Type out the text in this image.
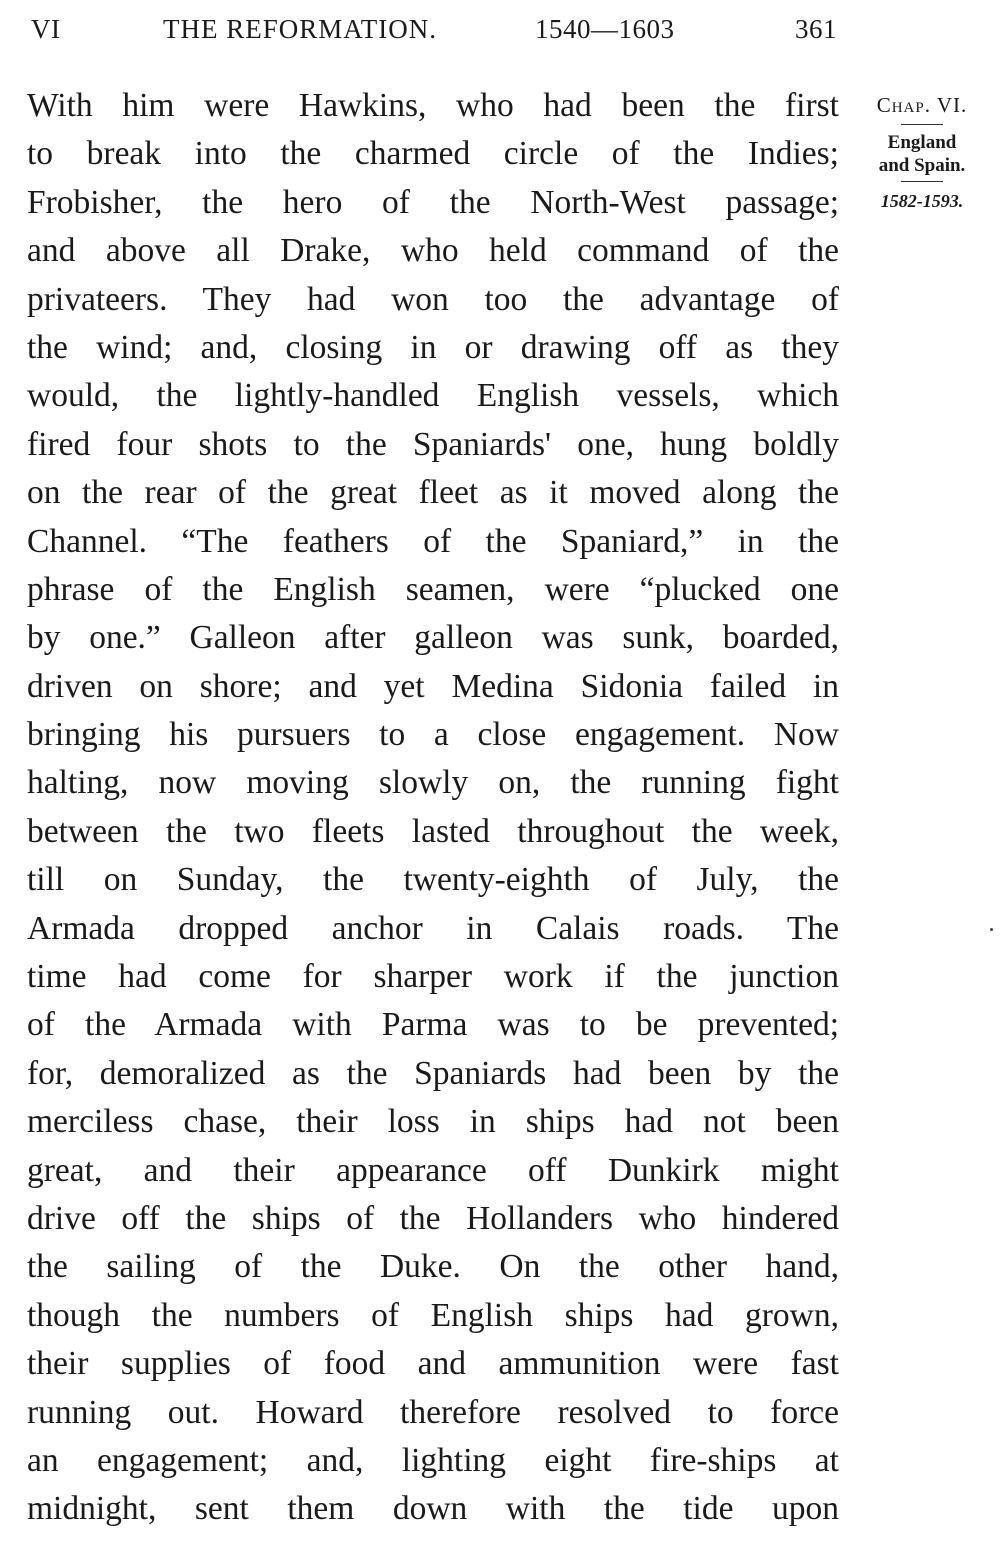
VI	THE REFORMATION.	1540—1603	361
With him were Hawkins, who had been the first
to break into the charmed circle of the Indies;
Frobisher, the hero of the North-West passage;
and above all Drake, who held command of the
privateers. They had won too the advantage of
the wind; and, closing in or drawing off as they
would, the lightly-handled English vessels, which
fired four shots to the Spaniards' one, hung boldly
on the rear of the great fleet as it moved along the
Channel. “The feathers of the Spaniard,” in the
phrase of the English seamen, were “plucked one
by one.” Galleon after galleon was sunk, boarded,
driven on shore; and yet Medina Sidonia failed in
bringing his pursuers to a close engagement. Now
halting, now moving slowly on, the running fight
between the two fleets lasted throughout the week,
till on Sunday, the twenty-eighth of July, the
Armada dropped anchor in Calais roads. The
time had come for sharper work if the junction
of the Armada with Parma was to be prevented;
for, demoralized as the Spaniards had been by the
merciless chase, their loss in ships had not been
great, and their appearance off Dunkirk might
drive off the ships of the Hollanders who hindered
the sailing of the Duke. On the other hand,
though the numbers of English ships had grown,
their supplies of food and ammunition were fast
running out. Howard therefore resolved to force
an engagement; and, lighting eight fire-ships at
midnight, sent them down with the tide upon
Chap. VI.
England
and Spain.
1582-1593.
